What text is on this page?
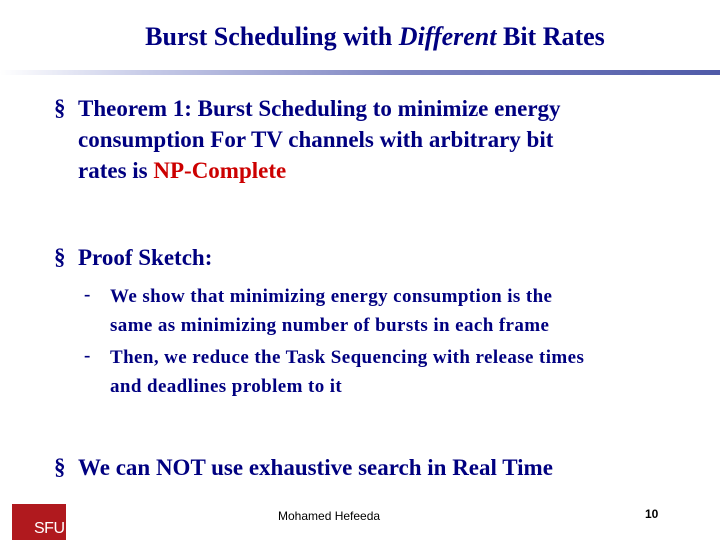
Burst Scheduling with Different Bit Rates
§ Theorem 1: Burst Scheduling to minimize energy
consumption For TV channels with arbitrary bit
rates is NP-Complete
§ Proof Sketch:
- We show that minimizing energy consumption is the
same as minimizing number of bursts in each frame
- Then, we reduce the Task Sequencing with release times
and deadlines problem to it
§ We can NOT use exhaustive search in Real Time
SFU
Mohamed Hefeeda	10
